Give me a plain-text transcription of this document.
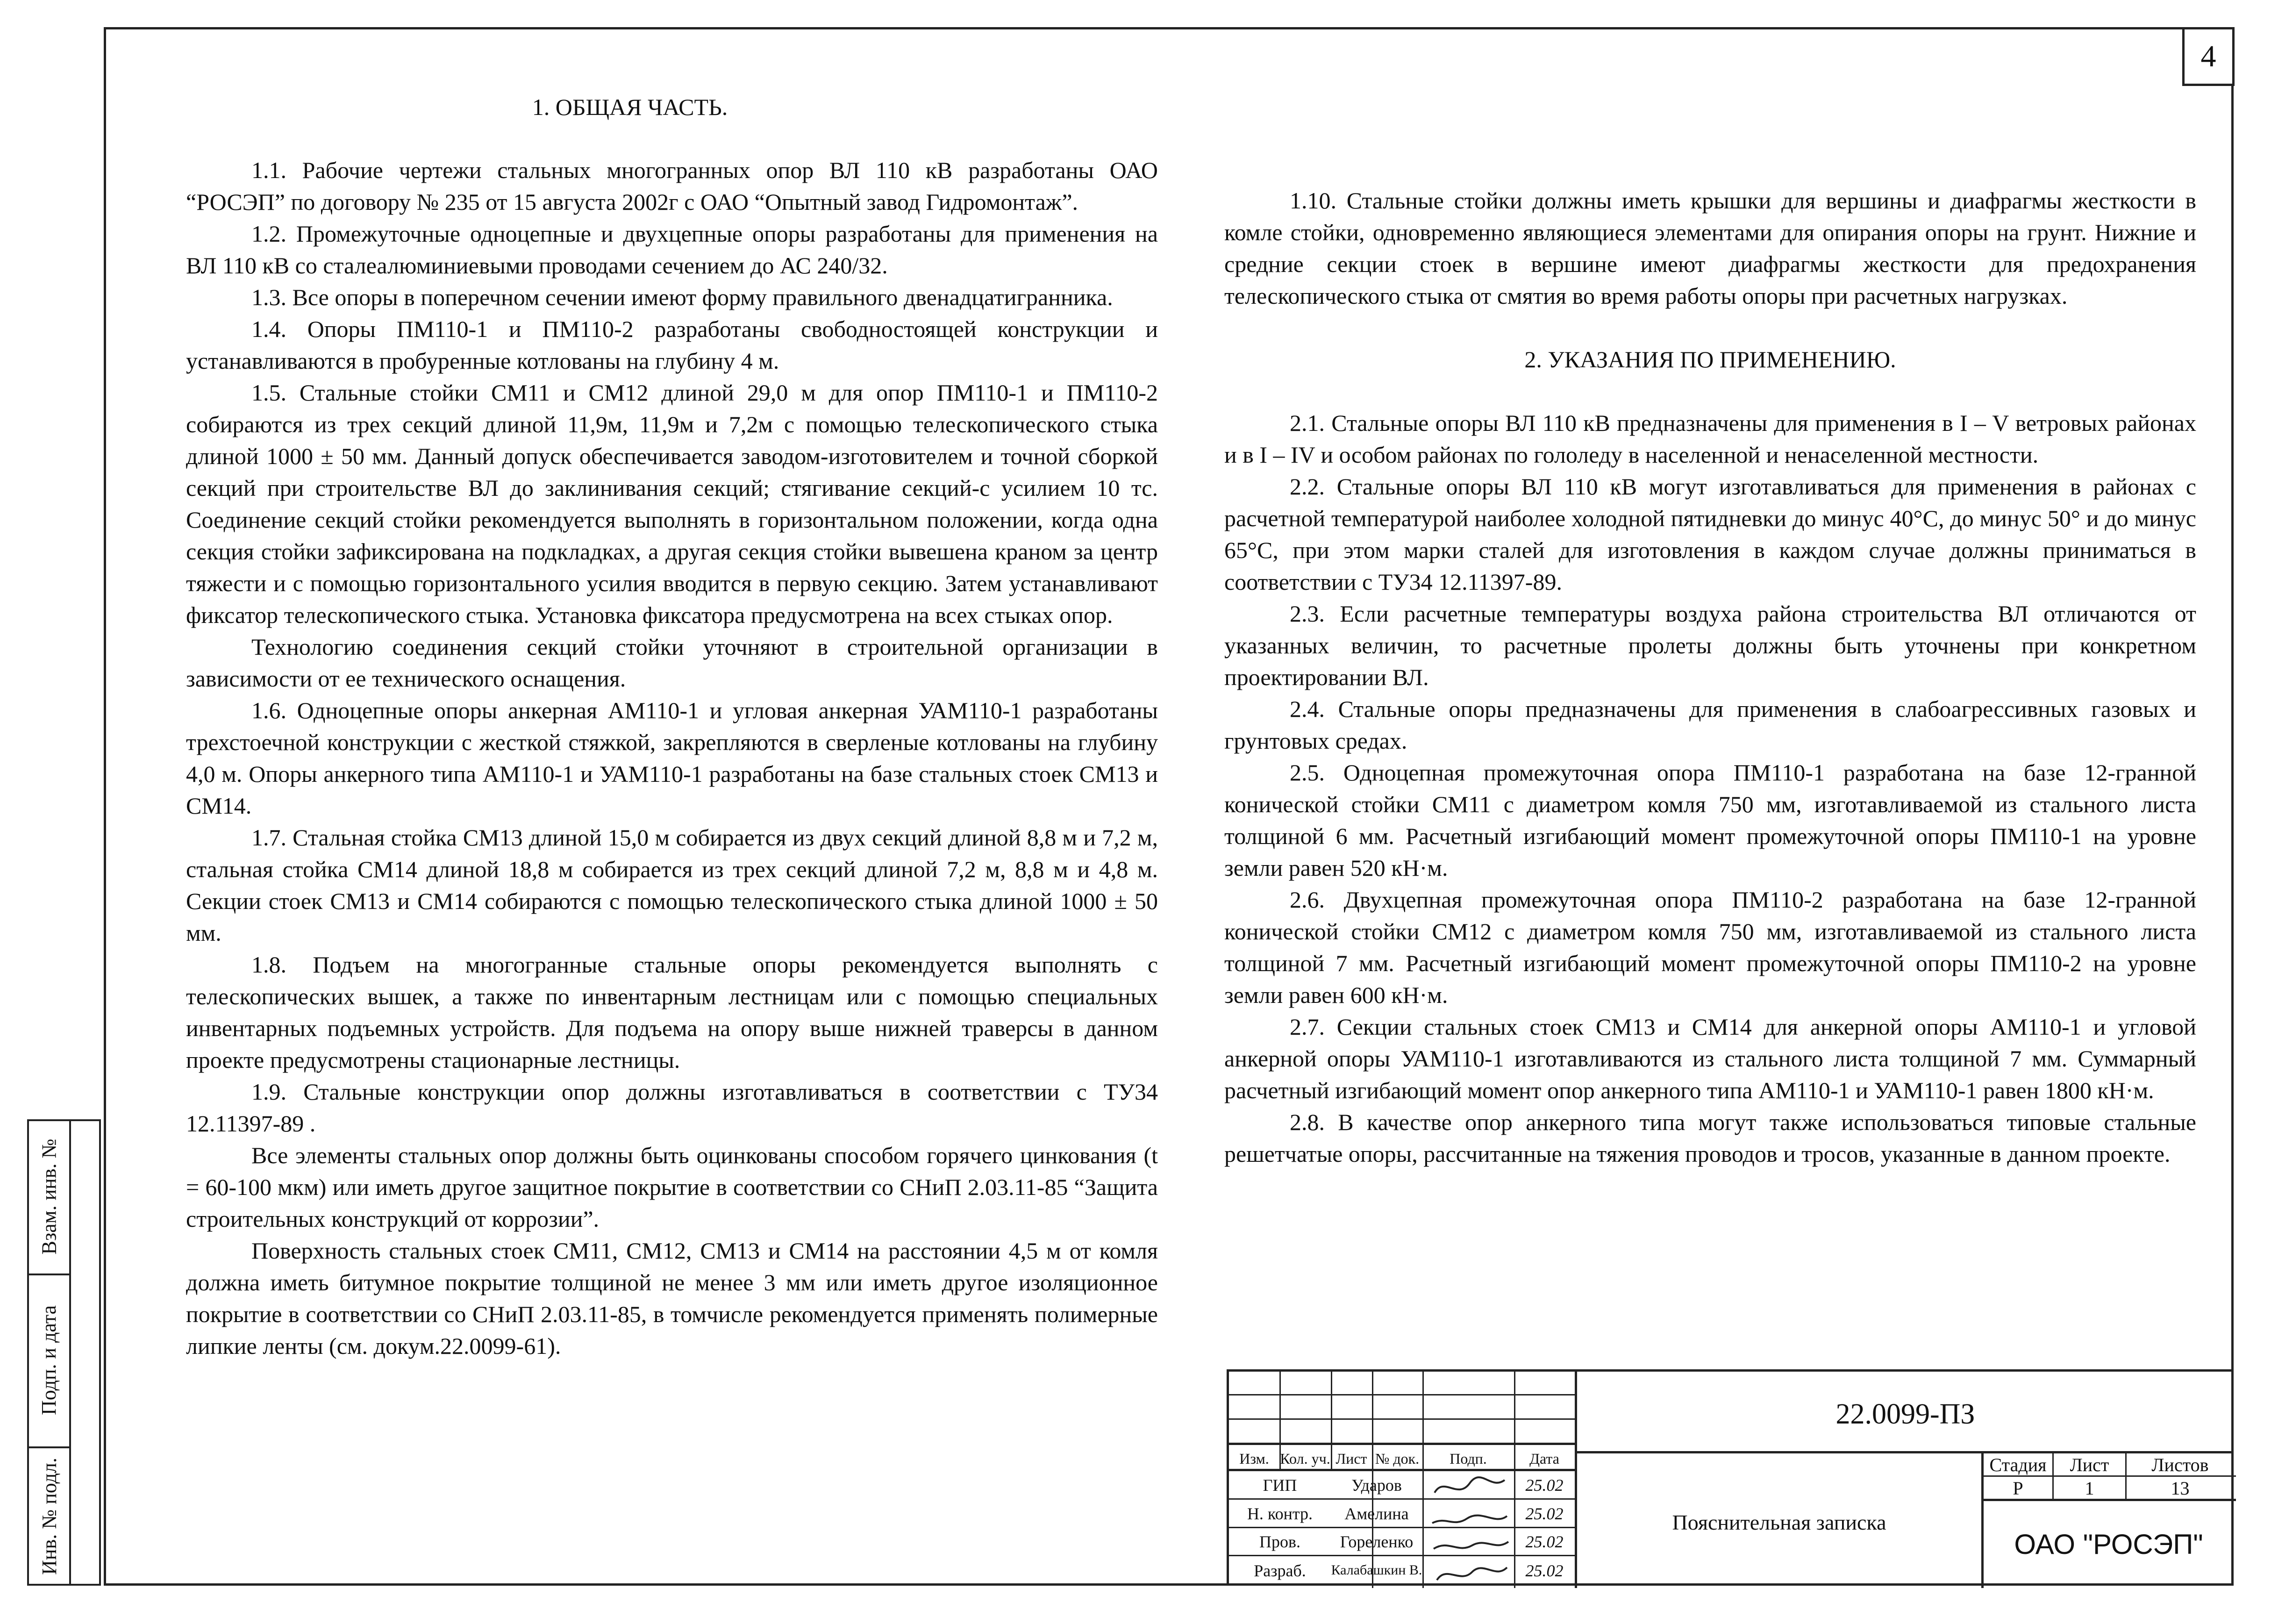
4
Взам. инв. №
Подп. и дата
Инв. № подл.
1. ОБЩАЯ ЧАСТЬ.

1.1. Рабочие чертежи стальных многогранных опор ВЛ 110 кВ разработаны ОАО “РОСЭП” по договору № 235 от 15 августа 2002г с ОАО “Опытный завод Гидромонтаж”.

1.2. Промежуточные одноцепные и двухцепные опоры разработаны для применения на ВЛ 110 кВ со сталеалюминиевыми проводами сечением до АС 240/32.

1.3. Все опоры в поперечном сечении имеют форму правильного двенадцатигранника.

1.4. Опоры ПМ110-1 и ПМ110-2 разработаны свободностоящей конструкции и устанавливаются в пробуренные котлованы на глубину 4 м.

1.5. Стальные стойки СМ11 и СМ12 длиной 29,0 м для опор ПМ110-1 и ПМ110-2 собираются из трех секций длиной 11,9м, 11,9м и 7,2м с помощью телескопического стыка длиной 1000 ± 50 мм. Данный допуск обеспечивается заводом-изготовителем и точной сборкой секций при строительстве ВЛ до заклинивания секций; стягивание секций-с усилием 10 тс. Соединение секций стойки рекомендуется выполнять в горизонтальном положении, когда одна секция стойки зафиксирована на подкладках, а другая секция стойки вывешена краном за центр тяжести и с помощью горизонтального усилия вводится в первую секцию. Затем устанавливают фиксатор телескопического стыка. Установка фиксатора предусмотрена на всех стыках опор.

Технологию соединения секций стойки уточняют в строительной организации в зависимости от ее технического оснащения.

1.6. Одноцепные опоры анкерная АМ110-1 и угловая анкерная УАМ110-1 разработаны трехстоечной конструкции с жесткой стяжкой, закрепляются в сверленые котлованы на глубину 4,0 м. Опоры анкерного типа АМ110-1 и УАМ110-1 разработаны на базе стальных стоек СМ13 и СМ14.

1.7. Стальная стойка СМ13 длиной 15,0 м собирается из двух секций длиной 8,8 м и 7,2 м, стальная стойка СМ14 длиной 18,8 м собирается из трех секций длиной 7,2 м, 8,8 м и 4,8 м. Секции стоек СМ13 и СМ14 собираются с помощью телескопического стыка длиной 1000 ± 50 мм.

1.8. Подъем на многогранные стальные опоры рекомендуется выполнять с телескопических вышек, а также по инвентарным лестницам или с помощью специальных инвентарных подъемных устройств. Для подъема на опору выше нижней траверсы в данном проекте предусмотрены стационарные лестницы.

1.9. Стальные конструкции опор должны изготавливаться в соответствии с ТУ34 12.11397-89 .

Все элементы стальных опор должны быть оцинкованы способом горячего цинкования (t = 60-100 мкм) или иметь другое защитное покрытие в соответствии со СНиП 2.03.11-85 “Защита строительных конструкций от коррозии”.

Поверхность стальных стоек СМ11, СМ12, СМ13 и СМ14 на расстоянии 4,5 м от комля должна иметь битумное покрытие толщиной не менее 3 мм или иметь другое изоляционное покрытие в соответствии со СНиП 2.03.11-85, в томчисле рекомендуется применять полимерные липкие ленты (см. докум.22.0099-61).

1.10. Стальные стойки должны иметь крышки для вершины и диафрагмы жесткости в комле стойки, одновременно являющиеся элементами для опирания опоры на грунт. Нижние и средние секции стоек в вершине имеют диафрагмы жесткости для предохранения телескопического стыка от смятия во время работы опоры при расчетных нагрузках.

2. УКАЗАНИЯ ПО ПРИМЕНЕНИЮ.

2.1. Стальные опоры ВЛ 110 кВ предназначены для применения в I – V ветровых районах и в I – IV и особом районах по гололеду в населенной и ненаселенной местности.

2.2. Стальные опоры ВЛ 110 кВ могут изготавливаться для применения в районах с расчетной температурой наиболее холодной пятидневки до минус 40°С, до минус 50° и до минус 65°С, при этом марки сталей для изготовления в каждом случае должны приниматься в соответствии с ТУ34 12.11397-89.

2.3. Если расчетные температуры воздуха района строительства ВЛ отличаются от указанных величин, то расчетные пролеты должны быть уточнены при конкретном проектировании ВЛ.

2.4. Стальные опоры предназначены для применения в слабоагрессивных газовых и грунтовых средах.

2.5. Одноцепная промежуточная опора ПМ110-1 разработана на базе 12-гранной конической стойки СМ11 с диаметром комля 750 мм, изготавливаемой из стального листа толщиной 6 мм. Расчетный изгибающий момент промежуточной опоры ПМ110-1 на уровне земли равен 520 кН·м.

2.6. Двухцепная промежуточная опора ПМ110-2 разработана на базе 12-гранной конической стойки СМ12 с диаметром комля 750 мм, изготавливаемой из стального листа толщиной 7 мм. Расчетный изгибающий момент промежуточной опоры ПМ110-2 на уровне земли равен 600 кН·м.

2.7. Секции стальных стоек СМ13 и СМ14 для анкерной опоры АМ110-1 и угловой анкерной опоры УАМ110-1 изготавливаются из стального листа толщиной 7 мм. Суммарный расчетный изгибающий момент опор анкерного типа АМ110-1 и УАМ110-1 равен 1800 кН·м.

2.8. В качестве опор анкерного типа могут также использоваться типовые стальные решетчатые опоры, рассчитанные на тяжения проводов и тросов, указанные в данном проекте.

Изм. Кол. уч. Лист № док.	Подп.	Дата
ГИП	Ударов	25.02
Н. контр.	Амелина	25.02
Пров.	Гореленко	25.02
Разраб.	Калабашкин В.	25.02
22.0099-ПЗ
Пояснительная записка
Стадия	Лист	Листов
Р	1	13
ОАО "РОСЭП"
